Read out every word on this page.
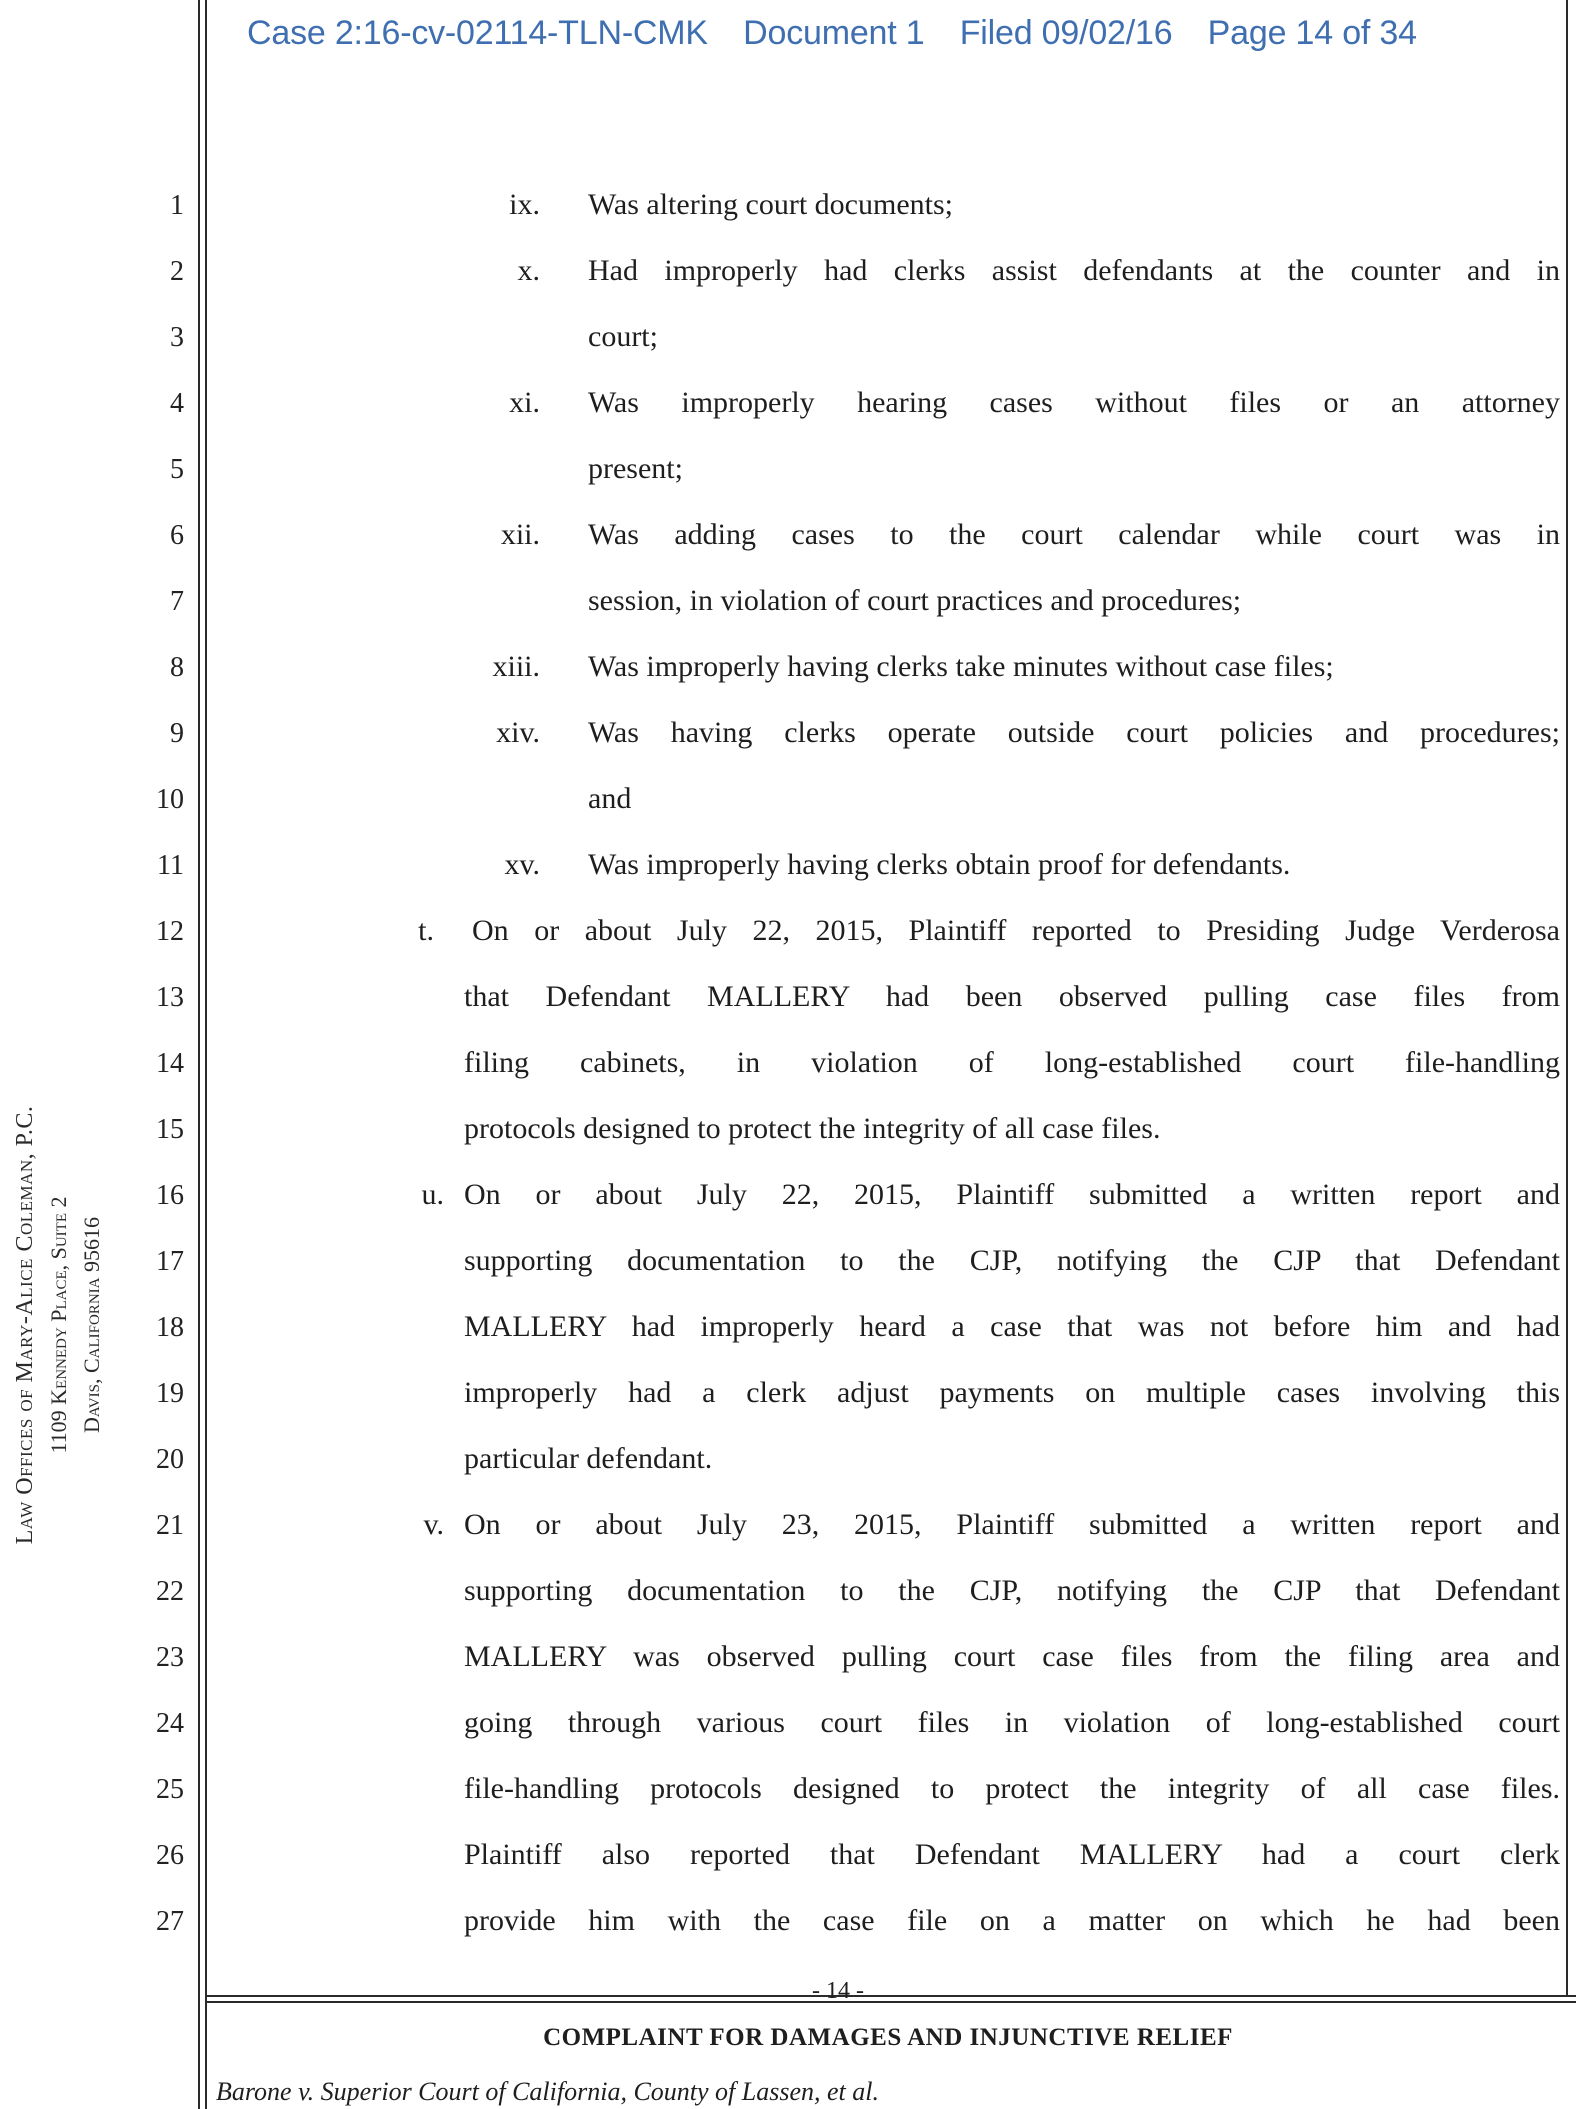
Case 2:16-cv-02114-TLN-CMK Document 1 Filed 09/02/16 Page 14 of 34
Law Offices of Mary-Alice Coleman, P.C. 1109 Kennedy Place, Suite 2 Davis, California 95616
1
2
3
4
5
6
7
8
9
10
11
12
13
14
15
16
17
18
19
20
21
22
23
24
25
26
27
ix. Was altering court documents;
x. Had improperly had clerks assist defendants at the counter and in
court;
xi. Was improperly hearing cases without files or an attorney
present;
xii. Was adding cases to the court calendar while court was in
session, in violation of court practices and procedures;
xiii. Was improperly having clerks take minutes without case files;
xiv. Was having clerks operate outside court policies and procedures;
and
xv. Was improperly having clerks obtain proof for defendants.
t. On or about July 22, 2015, Plaintiff reported to Presiding Judge Verderosa
that Defendant MALLERY had been observed pulling case files from
filing cabinets, in violation of long-established court file-handling
protocols designed to protect the integrity of all case files.
u. On or about July 22, 2015, Plaintiff submitted a written report and
supporting documentation to the CJP, notifying the CJP that Defendant
MALLERY had improperly heard a case that was not before him and had
improperly had a clerk adjust payments on multiple cases involving this
particular defendant.
v. On or about July 23, 2015, Plaintiff submitted a written report and
supporting documentation to the CJP, notifying the CJP that Defendant
MALLERY was observed pulling court case files from the filing area and
going through various court files in violation of long-established court
file-handling protocols designed to protect the integrity of all case files.
Plaintiff also reported that Defendant MALLERY had a court clerk
provide him with the case file on a matter on which he had been
- 14 -
COMPLAINT FOR DAMAGES AND INJUNCTIVE RELIEF
Barone v. Superior Court of California, County of Lassen, et al.
